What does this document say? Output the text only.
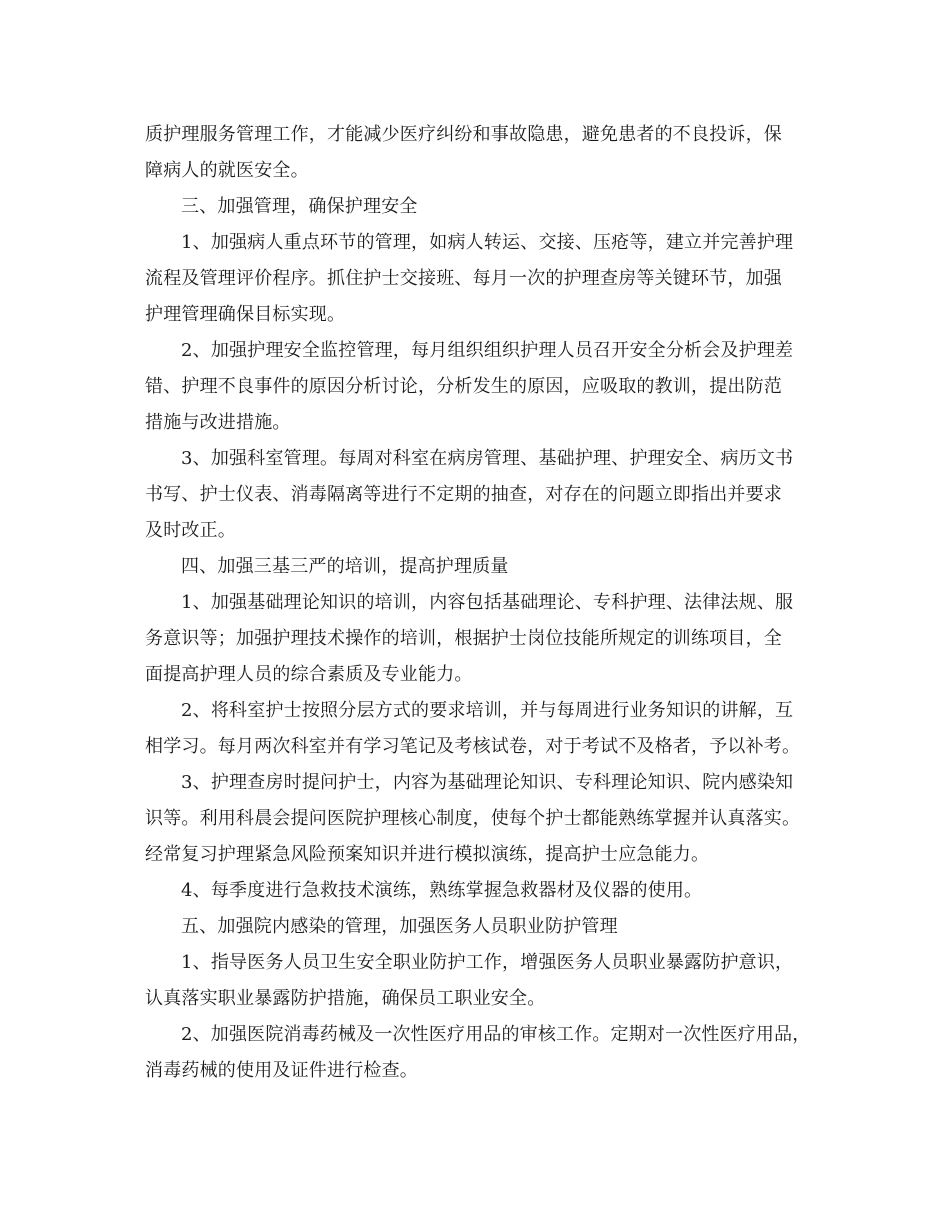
质护理服务管理工作，才能减少医疗纠纷和事故隐患，避免患者的不良投诉，保
障病人的就医安全。
三、加强管理，确保护理安全
1、加强病人重点环节的管理，如病人转运、交接、压疮等，建立并完善护理
流程及管理评价程序。抓住护士交接班、每月一次的护理查房等关键环节，加强
护理管理确保目标实现。
2、加强护理安全监控管理，每月组织组织护理人员召开安全分析会及护理差
错、护理不良事件的原因分析讨论，分析发生的原因，应吸取的教训，提出防范
措施与改进措施。
3、加强科室管理。每周对科室在病房管理、基础护理、护理安全、病历文书
书写、护士仪表、消毒隔离等进行不定期的抽查，对存在的问题立即指出并要求
及时改正。
四、加强三基三严的培训，提高护理质量
1、加强基础理论知识的培训，内容包括基础理论、专科护理、法律法规、服
务意识等；加强护理技术操作的培训，根据护士岗位技能所规定的训练项目，全
面提高护理人员的综合素质及专业能力。
2、将科室护士按照分层方式的要求培训，并与每周进行业务知识的讲解，互
相学习。每月两次科室并有学习笔记及考核试卷，对于考试不及格者，予以补考。
3、护理查房时提问护士，内容为基础理论知识、专科理论知识、院内感染知
识等。利用科晨会提问医院护理核心制度，使每个护士都能熟练掌握并认真落实。
经常复习护理紧急风险预案知识并进行模拟演练，提高护士应急能力。
4、每季度进行急救技术演练，熟练掌握急救器材及仪器的使用。
五、加强院内感染的管理，加强医务人员职业防护管理
1、指导医务人员卫生安全职业防护工作，增强医务人员职业暴露防护意识，
认真落实职业暴露防护措施，确保员工职业安全。
2、加强医院消毒药械及一次性医疗用品的审核工作。定期对一次性医疗用品，
消毒药械的使用及证件进行检查。
